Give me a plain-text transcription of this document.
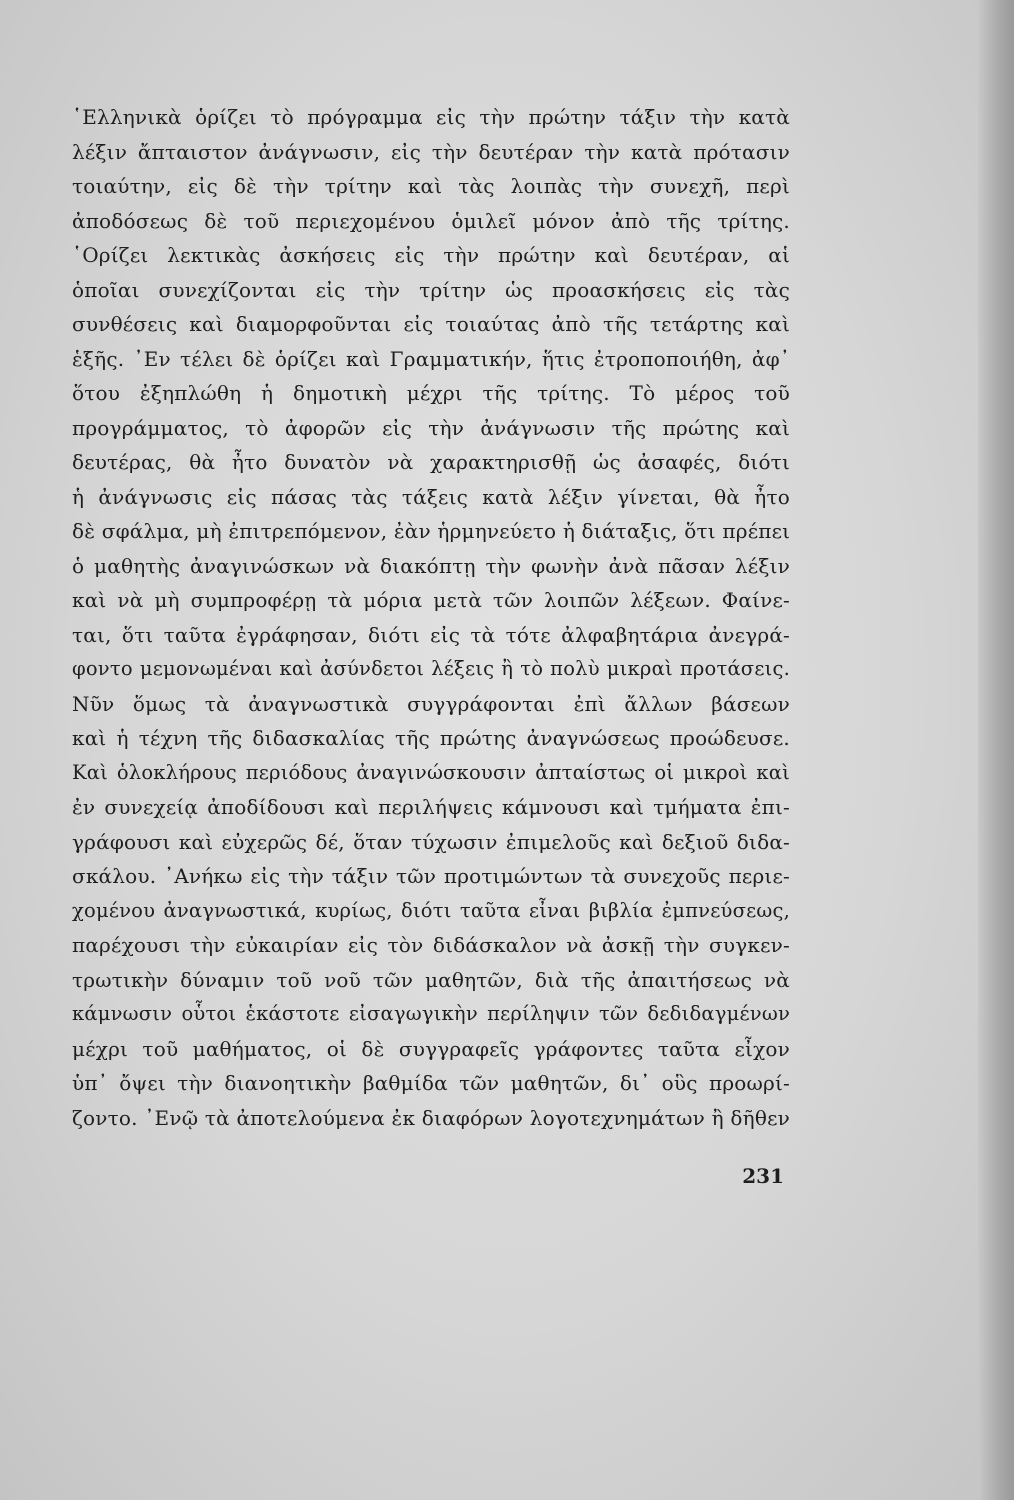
῾Ελληνικὰ ὁρίζει τὸ πρόγραμμα εἰς τὴν πρώτην τάξιν τὴν κατὰ
λέξιν ἄπταιστον ἀνάγνωσιν, εἰς τὴν δευτέραν τὴν κατὰ πρότασιν
τοιαύτην, εἰς δὲ τὴν τρίτην καὶ τὰς λοιπὰς τὴν συνεχῆ, περὶ
ἀποδόσεως δὲ τοῦ περιεχομένου ὁμιλεῖ μόνον ἀπὸ τῆς τρίτης.
῾Ορίζει λεκτικὰς ἀσκήσεις εἰς τὴν πρώτην καὶ δευτέραν, αἱ
ὁποῖαι συνεχίζονται εἰς τὴν τρίτην ὡς προασκήσεις εἰς τὰς
συνθέσεις καὶ διαμορφοῦνται εἰς τοιαύτας ἀπὸ τῆς τετάρτης καὶ
ἑξῆς. ᾿Εν τέλει δὲ ὁρίζει καὶ Γραμματικήν, ἥτις ἐτροποποιήθη, ἀφ᾿
ὅτου ἐξηπλώθη ἡ δημοτικὴ μέχρι τῆς τρίτης. Τὸ μέρος τοῦ
προγράμματος, τὸ ἀφορῶν εἰς τὴν ἀνάγνωσιν τῆς πρώτης καὶ
δευτέρας, θὰ ἦτο δυνατὸν νὰ χαρακτηρισθῇ ὡς ἀσαφές, διότι
ἡ ἀνάγνωσις εἰς πάσας τὰς τάξεις κατὰ λέξιν γίνεται, θὰ ἦτο
δὲ σφάλμα, μὴ ἐπιτρεπόμενον, ἐὰν ἡρμηνεύετο ἡ διάταξις, ὅτι πρέπει
ὁ μαθητὴς ἀναγινώσκων νὰ διακόπτῃ τὴν φωνὴν ἀνὰ πᾶσαν λέξιν
καὶ νὰ μὴ συμπροφέρῃ τὰ μόρια μετὰ τῶν λοιπῶν λέξεων. Φαίνε-
ται, ὅτι ταῦτα ἐγράφησαν, διότι εἰς τὰ τότε ἀλφαβητάρια ἀνεγρά-
φοντο μεμονωμέναι καὶ ἀσύνδετοι λέξεις ἢ τὸ πολὺ μικραὶ προτάσεις.
Νῦν ὅμως τὰ ἀναγνωστικὰ συγγράφονται ἐπὶ ἄλλων βάσεων
καὶ ἡ τέχνη τῆς διδασκαλίας τῆς πρώτης ἀναγνώσεως προώδευσε.
Καὶ ὁλοκλήρους περιόδους ἀναγινώσκουσιν ἀπταίστως οἱ μικροὶ καὶ
ἐν συνεχείᾳ ἀποδίδουσι καὶ περιλήψεις κάμνουσι καὶ τμήματα ἐπι-
γράφουσι καὶ εὐχερῶς δέ, ὅταν τύχωσιν ἐπιμελοῦς καὶ δεξιοῦ διδα-
σκάλου. ᾿Ανήκω εἰς τὴν τάξιν τῶν προτιμώντων τὰ συνεχοῦς περιε-
χομένου ἀναγνωστικά, κυρίως, διότι ταῦτα εἶναι βιβλία ἐμπνεύσεως,
παρέχουσι τὴν εὐκαιρίαν εἰς τὸν διδάσκαλον νὰ ἀσκῇ τὴν συγκεν-
τρωτικὴν δύναμιν τοῦ νοῦ τῶν μαθητῶν, διὰ τῆς ἀπαιτήσεως νὰ
κάμνωσιν οὗτοι ἑκάστοτε εἰσαγωγικὴν περίληψιν τῶν δεδιδαγμένων
μέχρι τοῦ μαθήματος, οἱ δὲ συγγραφεῖς γράφοντες ταῦτα εἶχον
ὑπ᾿ ὄψει τὴν διανοητικὴν βαθμίδα τῶν μαθητῶν, δι᾿ οὓς προωρί-
ζοντο. ᾿Ενῷ τὰ ἀποτελούμενα ἐκ διαφόρων λογοτεχνημάτων ἢ δῆθεν
231
